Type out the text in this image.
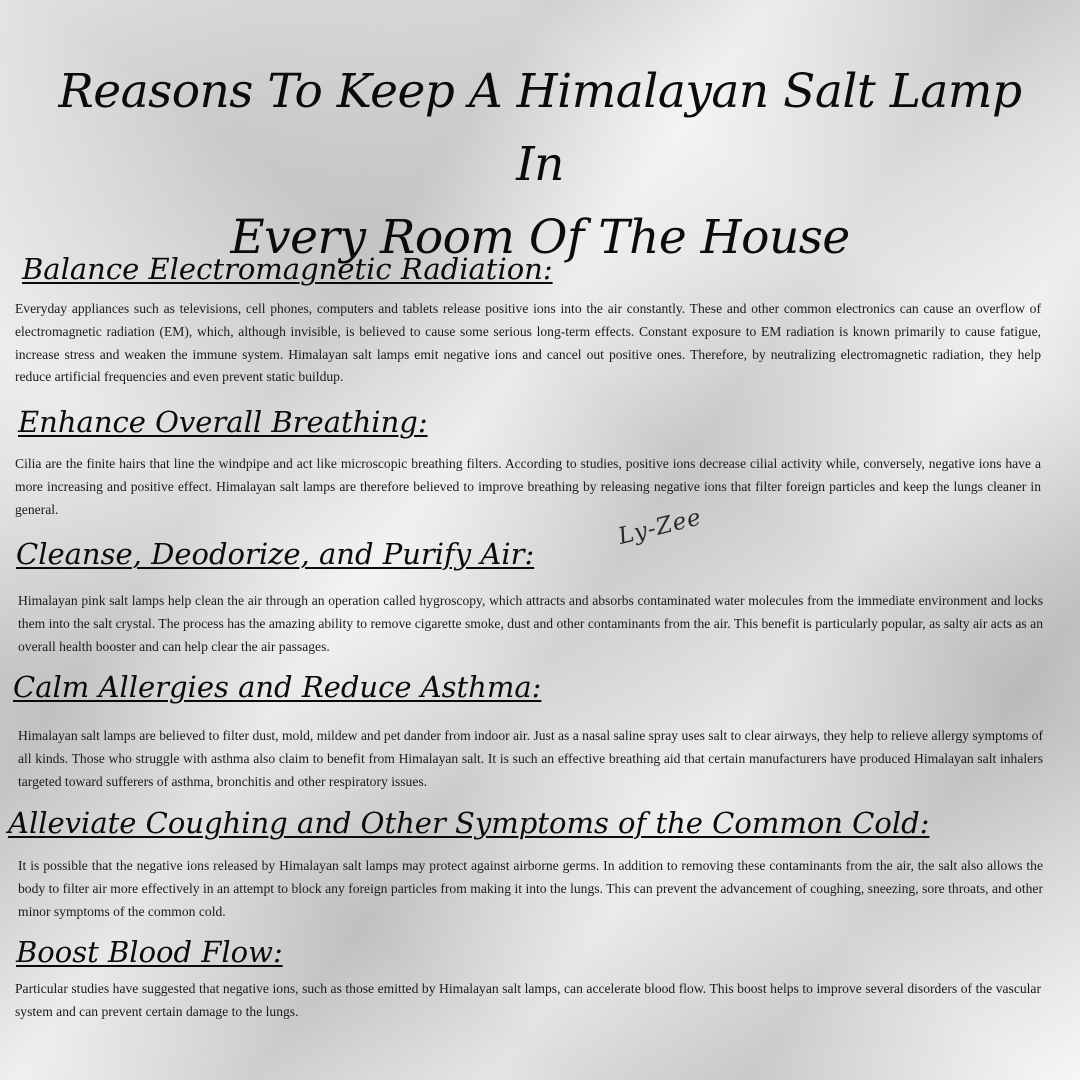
Reasons To Keep A Himalayan Salt Lamp In
Every Room Of The House
Balance Electromagnetic Radiation:

Everyday appliances such as televisions, cell phones, computers and tablets release positive ions into the air constantly. These and other common electronics can cause an overflow of electromagnetic radiation (EM), which, although invisible, is believed to cause some serious long-term effects. Constant exposure to EM radiation is known primarily to cause fatigue, increase stress and weaken the immune system. Himalayan salt lamps emit negative ions and cancel out positive ones. Therefore, by neutralizing electromagnetic radiation, they help reduce artificial frequencies and even prevent static buildup.

Enhance Overall Breathing:

Cilia are the finite hairs that line the windpipe and act like microscopic breathing filters. According to studies, positive ions decrease cilial activity while, conversely, negative ions have a more increasing and positive effect. Himalayan salt lamps are therefore believed to improve breathing by releasing negative ions that filter foreign particles and keep the lungs cleaner in general.

Cleanse, Deodorize, and Purify Air:
Ly-Zee

Himalayan pink salt lamps help clean the air through an operation called hygroscopy, which attracts and absorbs contaminated water molecules from the immediate environment and locks them into the salt crystal. The process has the amazing ability to remove cigarette smoke, dust and other contaminants from the air. This benefit is particularly popular, as salty air acts as an overall health booster and can help clear the air passages.

Calm Allergies and Reduce Asthma:

Himalayan salt lamps are believed to filter dust, mold, mildew and pet dander from indoor air. Just as a nasal saline spray uses salt to clear airways, they help to relieve allergy symptoms of all kinds. Those who struggle with asthma also claim to benefit from Himalayan salt. It is such an effective breathing aid that certain manufacturers have produced Himalayan salt inhalers targeted toward sufferers of asthma, bronchitis and other respiratory issues.

Alleviate Coughing and Other Symptoms of the Common Cold:

It is possible that the negative ions released by Himalayan salt lamps may protect against airborne germs. In addition to removing these contaminants from the air, the salt also allows the body to filter air more effectively in an attempt to block any foreign particles from making it into the lungs. This can prevent the advancement of coughing, sneezing, sore throats, and other minor symptoms of the common cold.

Boost Blood Flow:

Particular studies have suggested that negative ions, such as those emitted by Himalayan salt lamps, can accelerate blood flow. This boost helps to improve several disorders of the vascular system and can prevent certain damage to the lungs.
